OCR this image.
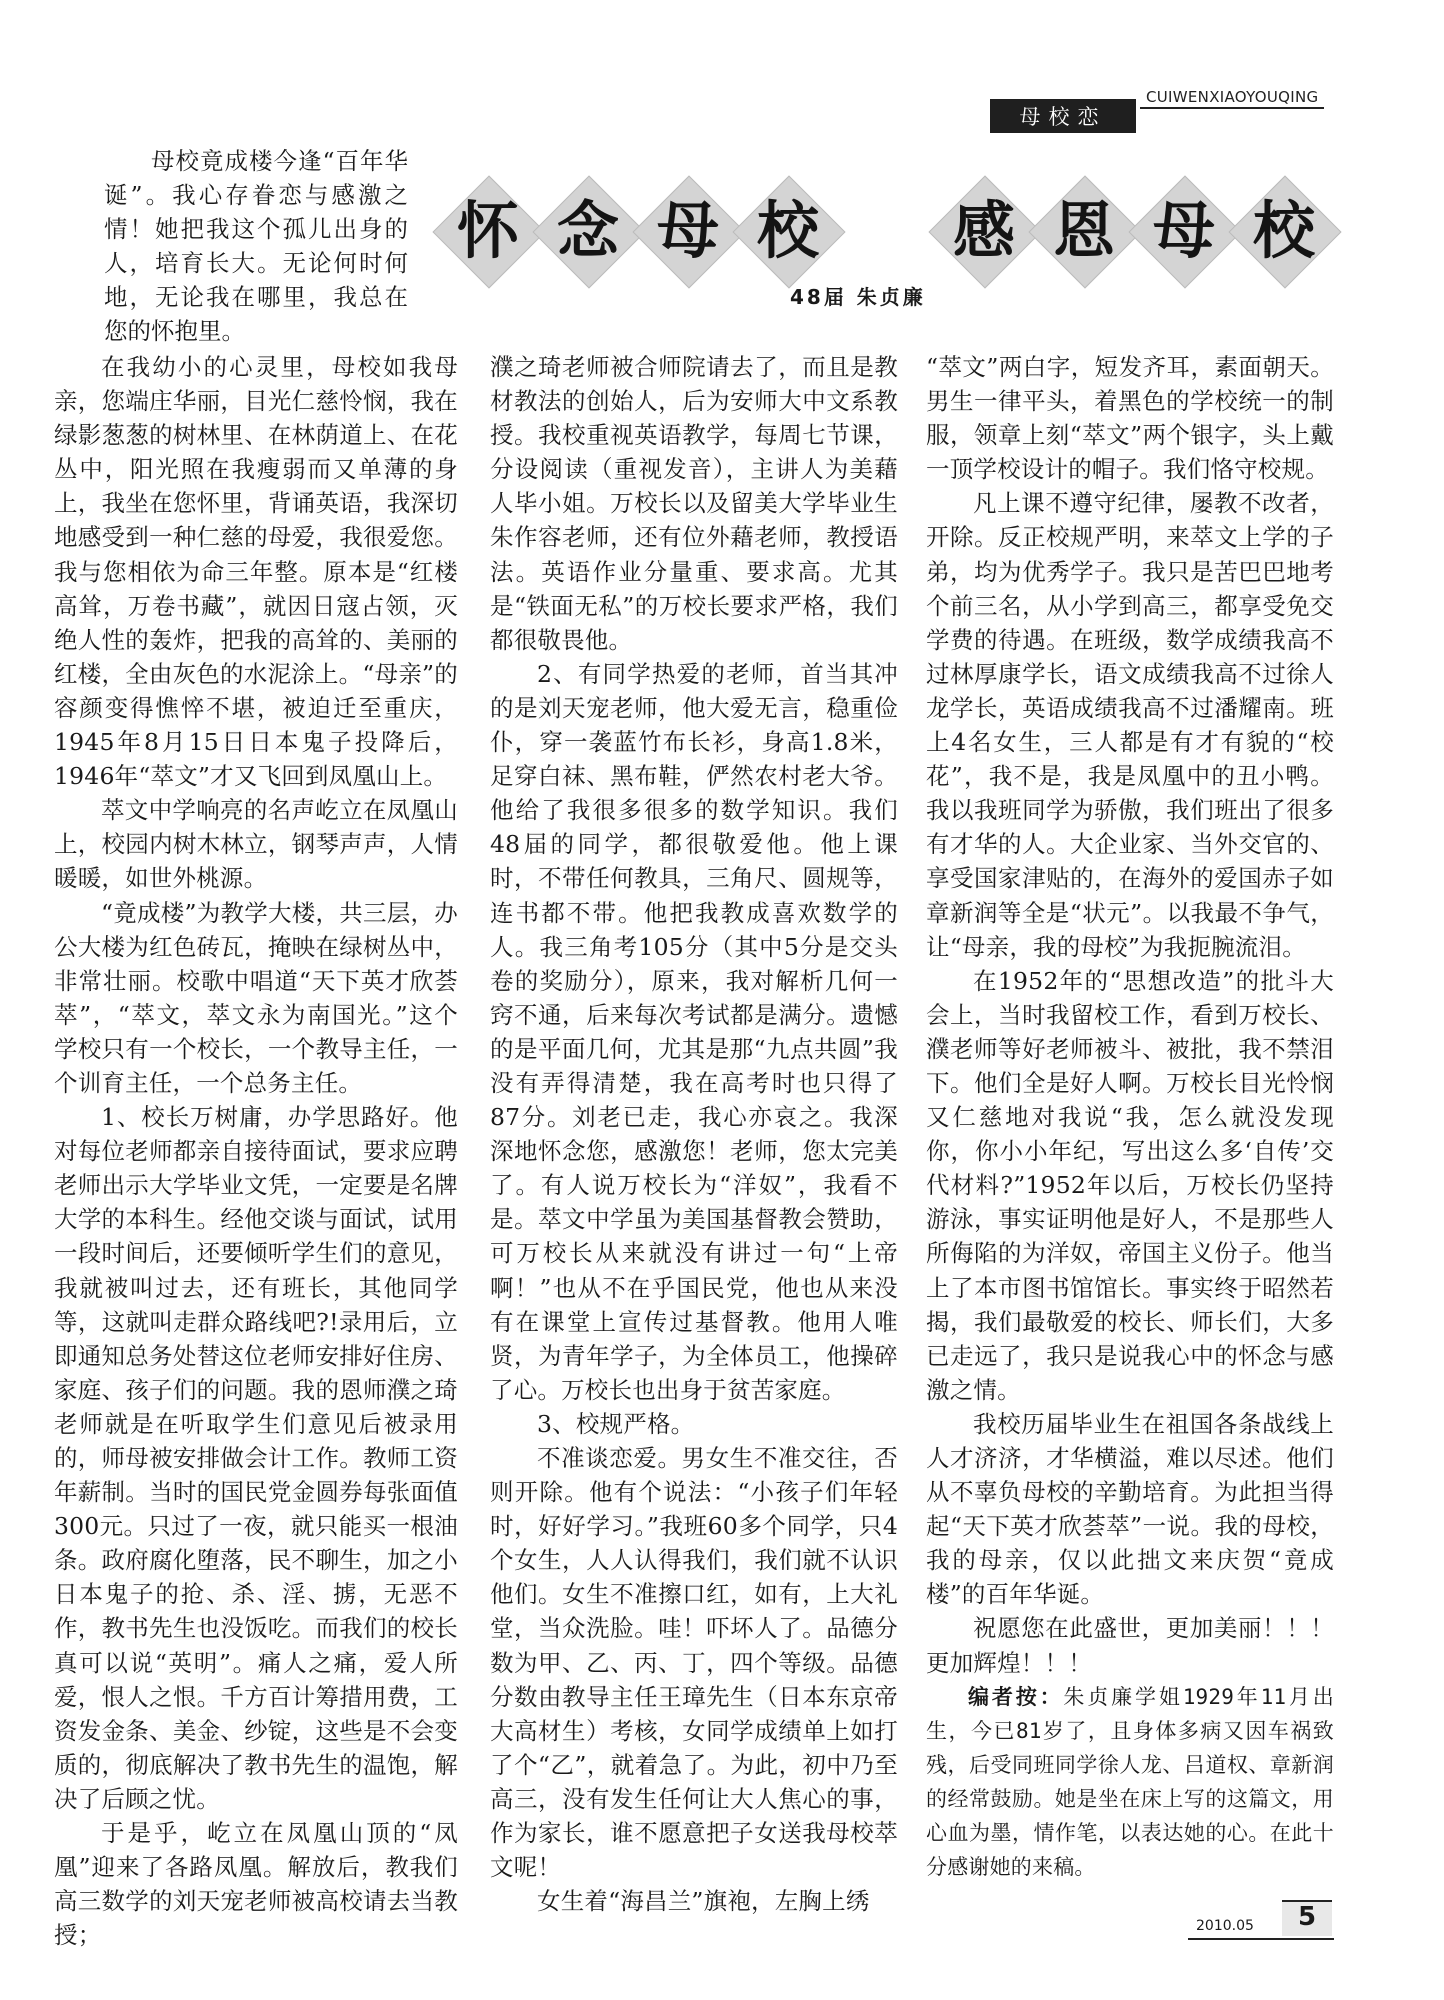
CUIWENXIAOYOUQING
母校恋
怀 念 母 校	感 恩 母 校
48届 朱贞廉

母校竟成楼今逢“百年华诞”。我心存眷恋与感激之情！她把我这个孤儿出身的人，培育长大。无论何时何地，无论我在哪里，我总在您的怀抱里。

在我幼小的心灵里，母校如我母亲，您端庄华丽，目光仁慈怜悯，我在绿影葱葱的树林里、在林荫道上、在花丛中，阳光照在我瘦弱而又单薄的身上，我坐在您怀里，背诵英语，我深切地感受到一种仁慈的母爱，我很爱您。我与您相依为命三年整。原本是“红楼高耸，万卷书藏”，就因日寇占领，灭绝人性的轰炸，把我的高耸的、美丽的红楼，全由灰色的水泥涂上。“母亲”的容颜变得憔悴不堪，被迫迁至重庆，1945年8月15日日本鬼子投降后，1946年“萃文”才又飞回到凤凰山上。

萃文中学响亮的名声屹立在凤凰山上，校园内树木林立，钢琴声声，人情暖暖，如世外桃源。

“竟成楼”为教学大楼，共三层，办公大楼为红色砖瓦，掩映在绿树丛中，非常壮丽。校歌中唱道“天下英才欣荟萃”，“萃文，萃文永为南国光。”这个学校只有一个校长，一个教导主任，一个训育主任，一个总务主任。

1、校长万树庸，办学思路好。他对每位老师都亲自接待面试，要求应聘老师出示大学毕业文凭，一定要是名牌大学的本科生。经他交谈与面试，试用一段时间后，还要倾听学生们的意见，我就被叫过去，还有班长，其他同学等，这就叫走群众路线吧?!录用后，立即通知总务处替这位老师安排好住房、家庭、孩子们的问题。我的恩师濮之琦老师就是在听取学生们意见后被录用的，师母被安排做会计工作。教师工资年薪制。当时的国民党金圆券每张面值300元。只过了一夜，就只能买一根油条。政府腐化堕落，民不聊生，加之小日本鬼子的抢、杀、淫、掳，无恶不作，教书先生也没饭吃。而我们的校长真可以说“英明”。痛人之痛，爱人所爱，恨人之恨。千方百计筹措用费，工资发金条、美金、纱锭，这些是不会变质的，彻底解决了教书先生的温饱，解决了后顾之忧。

于是乎，屹立在凤凰山顶的“凤凰”迎来了各路凤凰。解放后，教我们高三数学的刘天宠老师被高校请去当教授；

濮之琦老师被合师院请去了，而且是教材教法的创始人，后为安师大中文系教授。我校重视英语教学，每周七节课，分设阅读（重视发音），主讲人为美藉人毕小姐。万校长以及留美大学毕业生朱作容老师，还有位外藉老师，教授语法。英语作业分量重、要求高。尤其是“铁面无私”的万校长要求严格，我们都很敬畏他。

2、有同学热爱的老师，首当其冲的是刘天宠老师，他大爱无言，稳重俭仆，穿一袭蓝竹布长衫，身高1.8米，足穿白袜、黑布鞋，俨然农村老大爷。他给了我很多很多的数学知识。我们48届的同学，都很敬爱他。他上课时，不带任何教具，三角尺、圆规等，连书都不带。他把我教成喜欢数学的人。我三角考105分（其中5分是交头卷的奖励分），原来，我对解析几何一窍不通，后来每次考试都是满分。遗憾的是平面几何，尤其是那“九点共圆”我没有弄得清楚，我在高考时也只得了87分。刘老已走，我心亦哀之。我深深地怀念您，感激您！老师，您太完美了。有人说万校长为“洋奴”，我看不是。萃文中学虽为美国基督教会赞助，可万校长从来就没有讲过一句“上帝啊！”也从不在乎国民党，他也从来没有在课堂上宣传过基督教。他用人唯贤，为青年学子，为全体员工，他操碎了心。万校长也出身于贫苦家庭。

3、校规严格。

不准谈恋爱。男女生不准交往，否则开除。他有个说法：“小孩子们年轻时，好好学习。”我班60多个同学，只4个女生，人人认得我们，我们就不认识他们。女生不准擦口红，如有，上大礼堂，当众洗脸。哇！吓坏人了。品德分数为甲、乙、丙、丁，四个等级。品德分数由教导主任王璋先生（日本东京帝大高材生）考核，女同学成绩单上如打了个“乙”，就着急了。为此，初中乃至高三，没有发生任何让大人焦心的事，作为家长，谁不愿意把子女送我母校萃文呢！

女生着“海昌兰”旗袍，左胸上绣

“萃文”两白字，短发齐耳，素面朝天。男生一律平头，着黑色的学校统一的制服，领章上刻“萃文”两个银字，头上戴一顶学校设计的帽子。我们恪守校规。

凡上课不遵守纪律，屡教不改者，开除。反正校规严明，来萃文上学的子弟，均为优秀学子。我只是苦巴巴地考个前三名，从小学到高三，都享受免交学费的待遇。在班级，数学成绩我高不过林厚康学长，语文成绩我高不过徐人龙学长，英语成绩我高不过潘耀南。班上4名女生，三人都是有才有貌的“校花”，我不是，我是凤凰中的丑小鸭。我以我班同学为骄傲，我们班出了很多有才华的人。大企业家、当外交官的、享受国家津贴的，在海外的爱国赤子如章新润等全是“状元”。以我最不争气，让“母亲，我的母校”为我扼腕流泪。

在1952年的“思想改造”的批斗大会上，当时我留校工作，看到万校长、濮老师等好老师被斗、被批，我不禁泪下。他们全是好人啊。万校长目光怜悯又仁慈地对我说“我，怎么就没发现你，你小小年纪，写出这么多‘自传’交代材料?”1952年以后，万校长仍坚持游泳，事实证明他是好人，不是那些人所侮陷的为洋奴，帝国主义份子。他当上了本市图书馆馆长。事实终于昭然若揭，我们最敬爱的校长、师长们，大多已走远了，我只是说我心中的怀念与感激之情。

我校历届毕业生在祖国各条战线上人才济济，才华横溢，难以尽述。他们从不辜负母校的辛勤培育。为此担当得起“天下英才欣荟萃”一说。我的母校，我的母亲，仅以此拙文来庆贺“竟成楼”的百年华诞。

祝愿您在此盛世，更加美丽！！！更加辉煌！！！

编者按：朱贞廉学姐1929年11月出生，今已81岁了，且身体多病又因车祸致残，后受同班同学徐人龙、吕道权、章新润的经常鼓励。她是坐在床上写的这篇文，用心血为墨，情作笔，以表达她的心。在此十分感谢她的来稿。

2010.05	5
